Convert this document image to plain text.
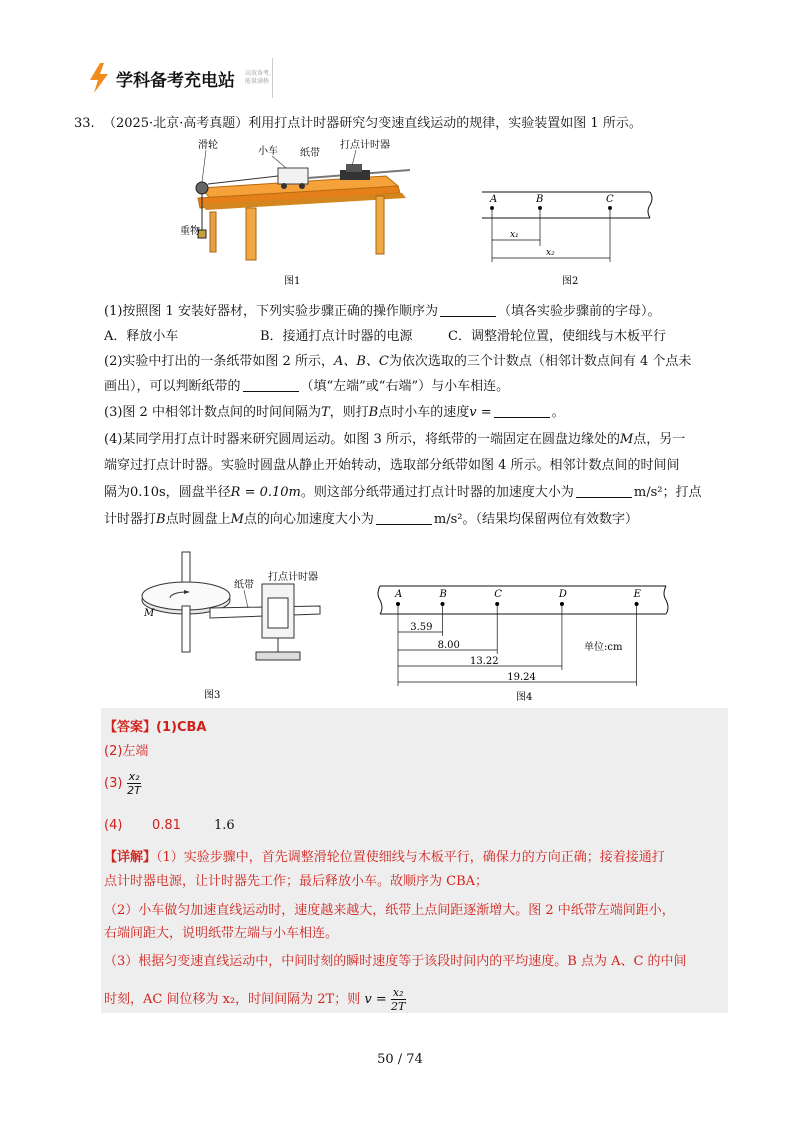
学科备考充电站 高效备考,
能量满格
33. （2025·北京·高考真题）利用打点计时器研究匀变速直线运动的规律，实验装置如图 1 所示。
滑轮
小车 纸带
打点计时器
重物
图1
A	B	C
x₁
x₂
图2
(1)按照图 1 安装好器材，下列实验步骤正确的操作顺序为	（填各实验步骤前的字母）。
A．释放小车	B．接通打点计时器的电源	C．调整滑轮位置，使细线与木板平行
(2)实验中打出的一条纸带如图 2 所示，A、B、C为依次选取的三个计数点（相邻计数点间有 4 个点未
画出），可以判断纸带的	（填“左端”或“右端”）与小车相连。
(3)图 2 中相邻计数点间的时间间隔为T，则打B点时小车的速度v =	。
(4)某同学用打点计时器来研究圆周运动。如图 3 所示，将纸带的一端固定在圆盘边缘处的M点，另一
端穿过打点计时器。实验时圆盘从静止开始转动，选取部分纸带如图 4 所示。相邻计数点间的时间间
隔为0.10s，圆盘半径R = 0.10m。则这部分纸带通过打点计时器的加速度大小为	m/s²；打点
计时器打B点时圆盘上M点的向心加速度大小为	m/s²。（结果均保留两位有效数字）
纸带
打点计时器
M
图3
A	B
3.59
C
8.00
D
13.22
E
19.24
单位:cm
图4
【答案】(1)CBA
(2)左端
$(3) \frac{\text{x₂}}{2T}$
(4) 0.81	1.6
【详解】（1）实验步骤中，首先调整滑轮位置使细线与木板平行，确保力的方向正确；接着接通打
点计时器电源，让计时器先工作；最后释放小车。故顺序为 CBA；
（2）小车做匀加速直线运动时，速度越来越大，纸带上点间距逐渐增大。图 2 中纸带左端间距小，
右端间距大，说明纸带左端与小车相连。
（3）根据匀变速直线运动中，中间时刻的瞬时速度等于该段时间内的平均速度。B 点为 A、C 的中间
时刻，AC 间位移为 x₂，时间间隔为 2T；则 $v = \frac{\text{x₂}}{2T}$
50 / 74
